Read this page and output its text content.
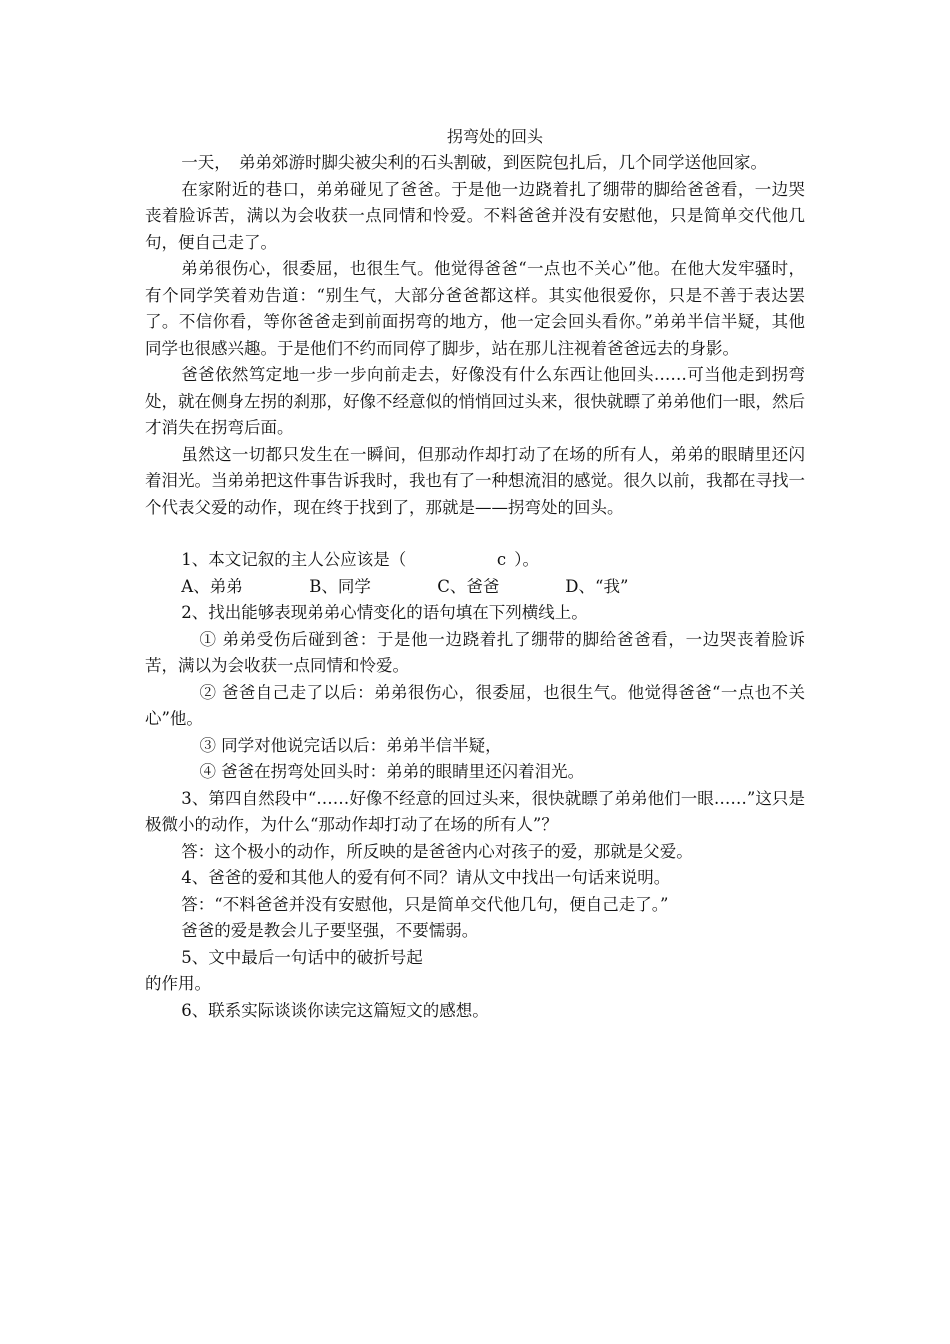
拐弯处的回头

一天，　弟弟郊游时脚尖被尖利的石头割破，到医院包扎后，几个同学送他回家。

在家附近的巷口，弟弟碰见了爸爸。于是他一边跷着扎了绷带的脚给爸爸看，一边哭丧着脸诉苦，满以为会收获一点同情和怜爱。不料爸爸并没有安慰他，只是简单交代他几句，便自己走了。

弟弟很伤心，很委屈，也很生气。他觉得爸爸“一点也不关心”他。在他大发牢骚时，有个同学笑着劝告道：“别生气，大部分爸爸都这样。其实他很爱你，只是不善于表达罢了。不信你看，等你爸爸走到前面拐弯的地方，他一定会回头看你。”弟弟半信半疑，其他同学也很感兴趣。于是他们不约而同停了脚步，站在那儿注视着爸爸远去的身影。

爸爸依然笃定地一步一步向前走去，好像没有什么东西让他回头……可当他走到拐弯处，就在侧身左拐的刹那，好像不经意似的悄悄回过头来，很快就瞟了弟弟他们一眼，然后才消失在拐弯后面。

虽然这一切都只发生在一瞬间，但那动作却打动了在场的所有人，弟弟的眼睛里还闪着泪光。当弟弟把这件事告诉我时，我也有了一种想流泪的感觉。很久以前，我都在寻找一个代表父爱的动作，现在终于找到了，那就是——拐弯处的回头。

1、本文记叙的主人公应该是（	c ）。

A、弟弟	B、同学	C、爸爸	D、“我”

2、找出能够表现弟弟心情变化的语句填在下列横线上。

① 弟弟受伤后碰到爸：于是他一边跷着扎了绷带的脚给爸爸看，一边哭丧着脸诉苦，满以为会收获一点同情和怜爱。

② 爸爸自己走了以后：弟弟很伤心，很委屈，也很生气。他觉得爸爸“一点也不关心”他。

③ 同学对他说完话以后：弟弟半信半疑，

④ 爸爸在拐弯处回头时：弟弟的眼睛里还闪着泪光。

3、第四自然段中“……好像不经意的回过头来，很快就瞟了弟弟他们一眼……”这只是极微小的动作，为什么“那动作却打动了在场的所有人”？

答：这个极小的动作，所反映的是爸爸内心对孩子的爱，那就是父爱。

4、爸爸的爱和其他人的爱有何不同？请从文中找出一句话来说明。

答：“不料爸爸并没有安慰他，只是简单交代他几句，便自己走了。”

爸爸的爱是教会儿子要坚强，不要懦弱。

5、文中最后一句话中的破折号起

的作用。

6、联系实际谈谈你读完这篇短文的感想。
